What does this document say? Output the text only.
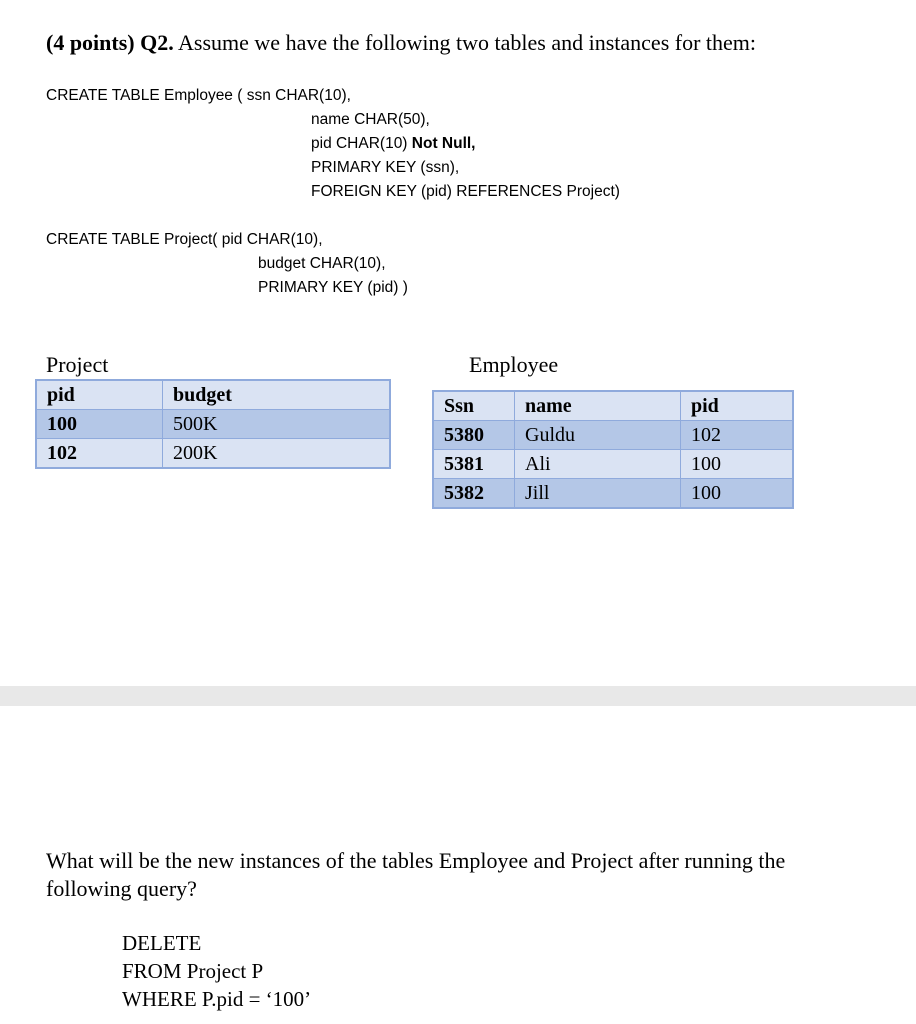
(4 points) Q2. Assume we have the following two tables and instances for them:
CREATE TABLE Employee ( ssn CHAR(10),
name CHAR(50),
pid CHAR(10) Not Null,
PRIMARY KEY (ssn),
FOREIGN KEY (pid) REFERENCES Project)
CREATE TABLE Project( pid CHAR(10),
budget CHAR(10),
PRIMARY KEY (pid) )
Project	Employee
pid	budget
100	500K
102	200K
Ssn	name	pid
5380	Guldu	102
5381	Ali	100
5382	Jill	100
What will be the new instances of the tables Employee and Project after running the following query?
DELETE
FROM Project P
WHERE P.pid = ‘100’
